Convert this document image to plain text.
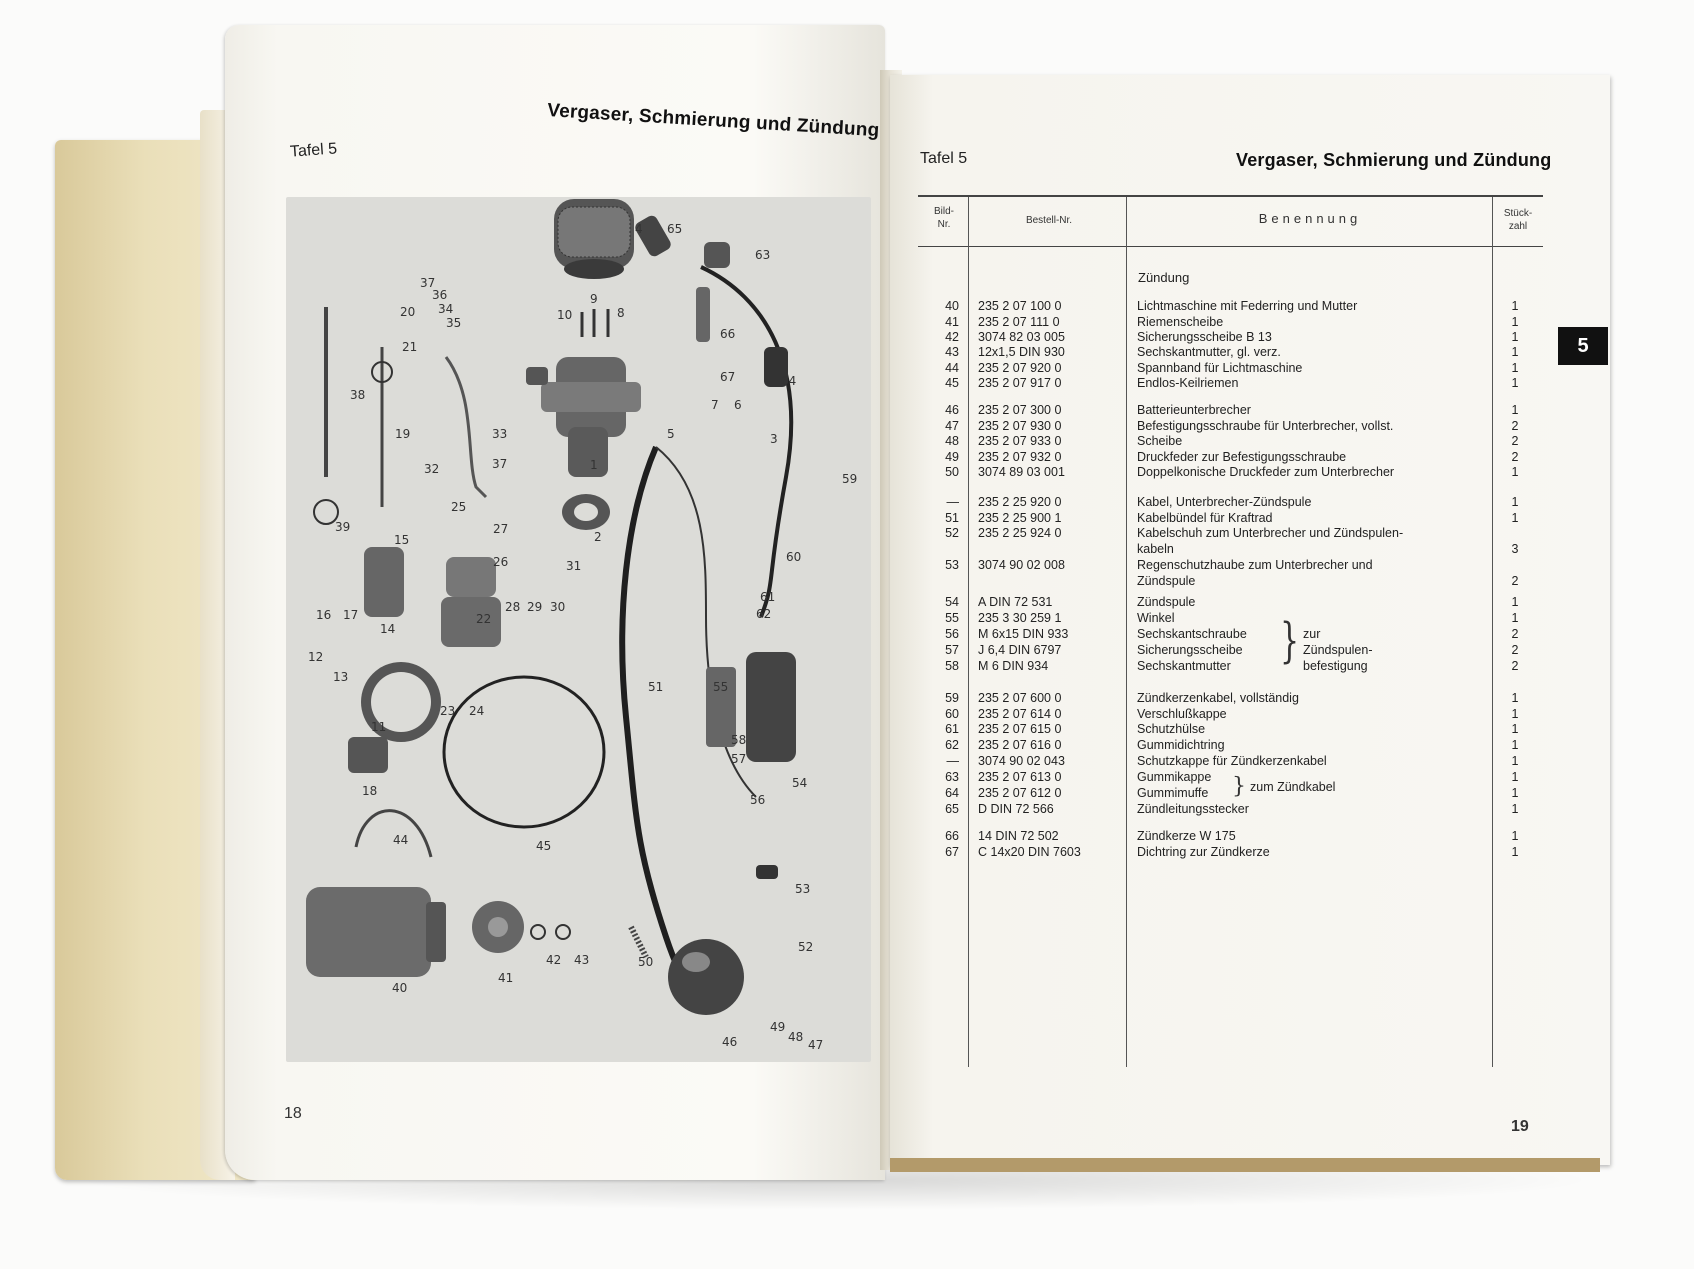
Vergaser, Schmierung und Zündung
Tafel 5
18
4 65
63
9
10	8
66
67	64
7 6
5	3
1
2
59
37
36
34
35
20
21
38
19	33
37
32
39
15
25
27
26	31
16 17
14
28 29 30
22
60
61
62
12
13
11
23 24
51	55
58
57
54
56
18
45
44
53
52
40
41
42 43	50
46
49
48
47
Tafel 5	Vergaser, Schmierung und Zündung
5
Bild-
Nr.	Bestell-Nr.	Benennung	Stück-
zahl
Zündung
40 235 2 07 100 0	Lichtmaschine mit Federring und Mutter	1
41 235 2 07 111 0	Riemenscheibe	1
42 3074 82 03 005	Sicherungsscheibe B 13	1
43 12x1,5 DIN 930	Sechskantmutter, gl. verz.	1
44 235 2 07 920 0	Spannband für Lichtmaschine	1
45 235 2 07 917 0	Endlos-Keilriemen	1
46 235 2 07 300 0	Batterieunterbrecher	1
47 235 2 07 930 0	Befestigungsschraube für Unterbrecher, vollst.	2
48 235 2 07 933 0	Scheibe	2
49 235 2 07 932 0	Druckfeder zur Befestigungsschraube	2
50 3074 89 03 001	Doppelkonische Druckfeder zum Unterbrecher	1
— 235 2 25 920 0	Kabel, Unterbrecher-Zündspule	1
51 235 2 25 900 1	Kabelbündel für Kraftrad	1
52 235 2 25 924 0	Kabelschuh zum Unterbrecher und Zündspulen-
kabeln	3
53 3074 90 02 008	Regenschutzhaube zum Unterbrecher und
Zündspule	2
54 A DIN 72 531	Zündspule	1
55 235 3 30 259 1	Winkel	1
56 M 6x15 DIN 933	Sechskantschraube	2
57 J 6,4 DIN 6797	Sicherungsscheibe	2
58 M 6 DIN 934	Sechskantmutter	2
} zur
Zündspulen-
befestigung
59 235 2 07 600 0	Zündkerzenkabel, vollständig	1
60 235 2 07 614 0	Verschlußkappe	1
61 235 2 07 615 0	Schutzhülse	1
62 235 2 07 616 0	Gummidichtring	1
— 3074 90 02 043	Schutzkappe für Zündkerzenkabel	1
63 235 2 07 613 0	Gummikappe	1
64 235 2 07 612 0	Gummimuffe	1
65 D DIN 72 566	Zündleitungsstecker	1
} zum Zündkabel
66 14 DIN 72 502	Zündkerze W 175	1
67 C 14x20 DIN 7603	Dichtring zur Zündkerze	1
19
